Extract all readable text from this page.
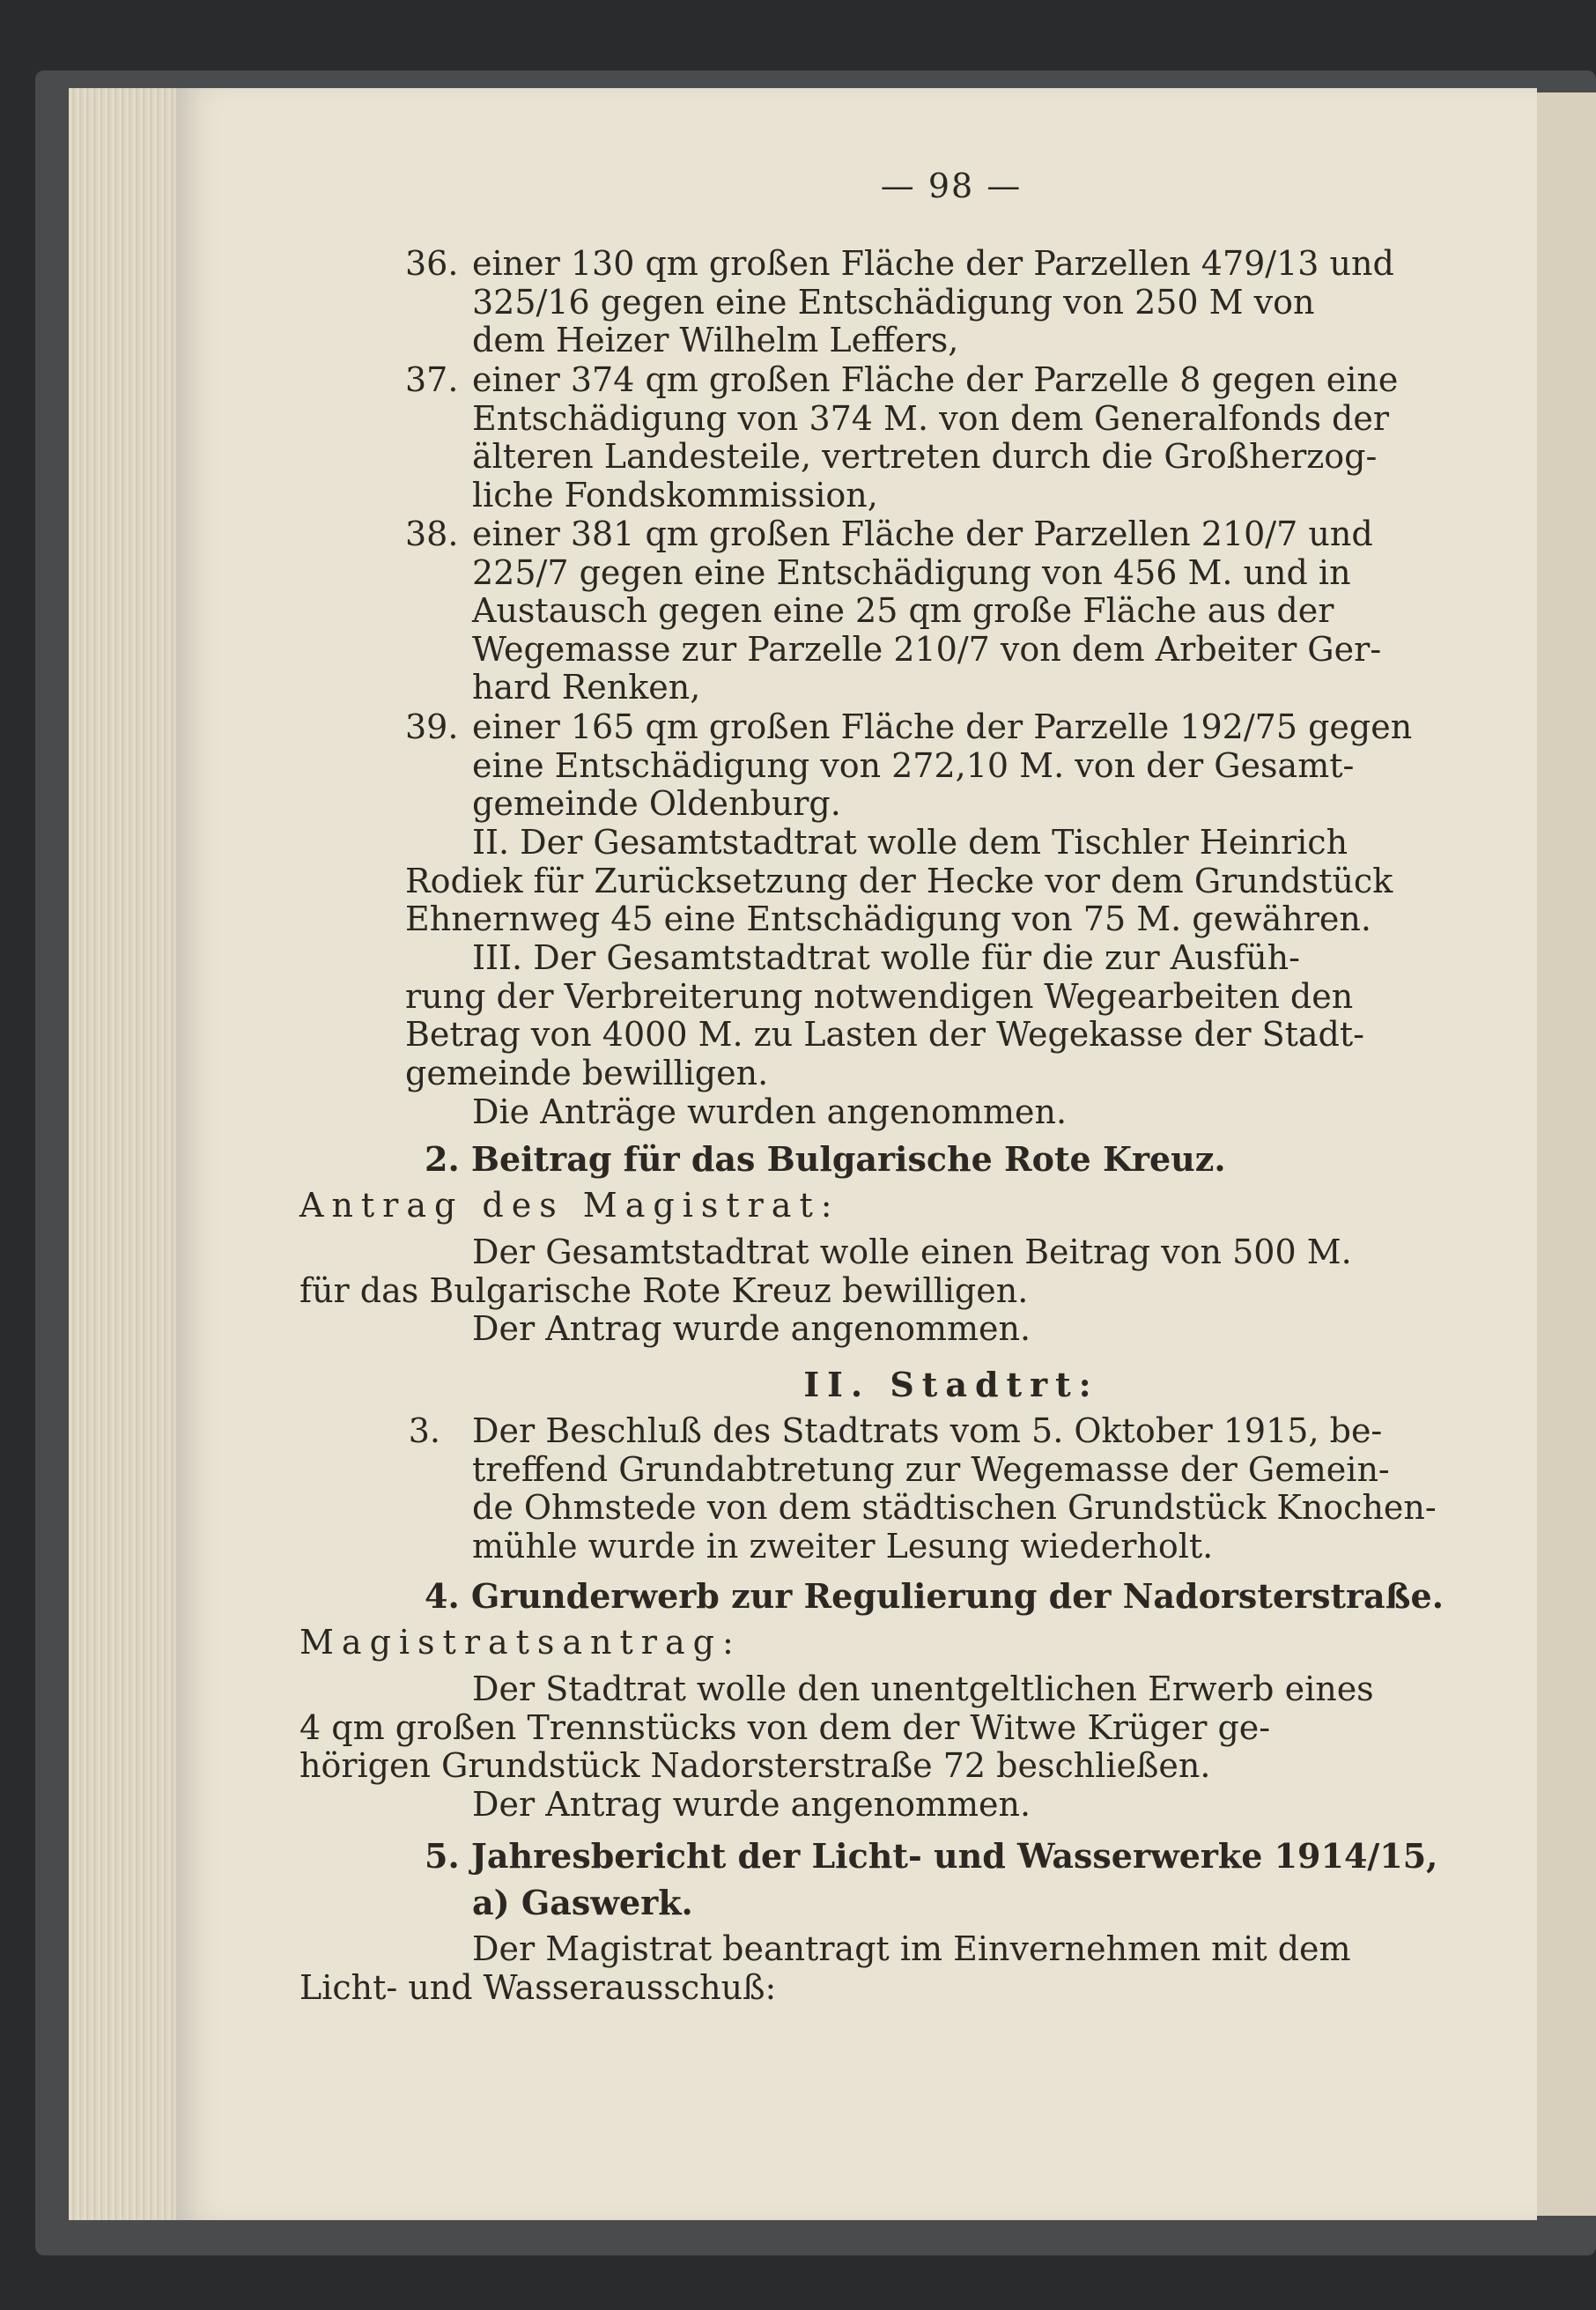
— 98 —
36. einer 130 qm großen Fläche der Parzellen 479/13 und
325/16 gegen eine Entschädigung von 250 M von
dem Heizer Wilhelm Leffers,
37. einer 374 qm großen Fläche der Parzelle 8 gegen eine
Entschädigung von 374 M. von dem Generalfonds der
älteren Landesteile, vertreten durch die Großherzog-
liche Fondskommission,
38. einer 381 qm großen Fläche der Parzellen 210/7 und
225/7 gegen eine Entschädigung von 456 M. und in
Austausch gegen eine 25 qm große Fläche aus der
Wegemasse zur Parzelle 210/7 von dem Arbeiter Ger-
hard Renken,
39. einer 165 qm großen Fläche der Parzelle 192/75 gegen
eine Entschädigung von 272,10 M. von der Gesamt-
gemeinde Oldenburg.
II. Der Gesamtstadtrat wolle dem Tischler Heinrich
Rodiek für Zurücksetzung der Hecke vor dem Grundstück
Ehnernweg 45 eine Entschädigung von 75 M. gewähren.
III. Der Gesamtstadtrat wolle für die zur Ausfüh-
rung der Verbreiterung notwendigen Wegearbeiten den
Betrag von 4000 M. zu Lasten der Wegekasse der Stadt-
gemeinde bewilligen.
Die Anträge wurden angenommen.
2. Beitrag für das Bulgarische Rote Kreuz.
Antrag des Magistrat:
Der Gesamtstadtrat wolle einen Beitrag von 500 M.
für das Bulgarische Rote Kreuz bewilligen.
Der Antrag wurde angenommen.
II. Stadtrt:
3. Der Beschluß des Stadtrats vom 5. Oktober 1915, be-
treffend Grundabtretung zur Wegemasse der Gemein-
de Ohmstede von dem städtischen Grundstück Knochen-
mühle wurde in zweiter Lesung wiederholt.
4. Grunderwerb zur Regulierung der Nadorsterstraße.
Magistratsantrag:
Der Stadtrat wolle den unentgeltlichen Erwerb eines
4 qm großen Trennstücks von dem der Witwe Krüger ge-
hörigen Grundstück Nadorsterstraße 72 beschließen.
Der Antrag wurde angenommen.
5. Jahresbericht der Licht- und Wasserwerke 1914/15,
a) Gaswerk.
Der Magistrat beantragt im Einvernehmen mit dem
Licht- und Wasserausschuß:
